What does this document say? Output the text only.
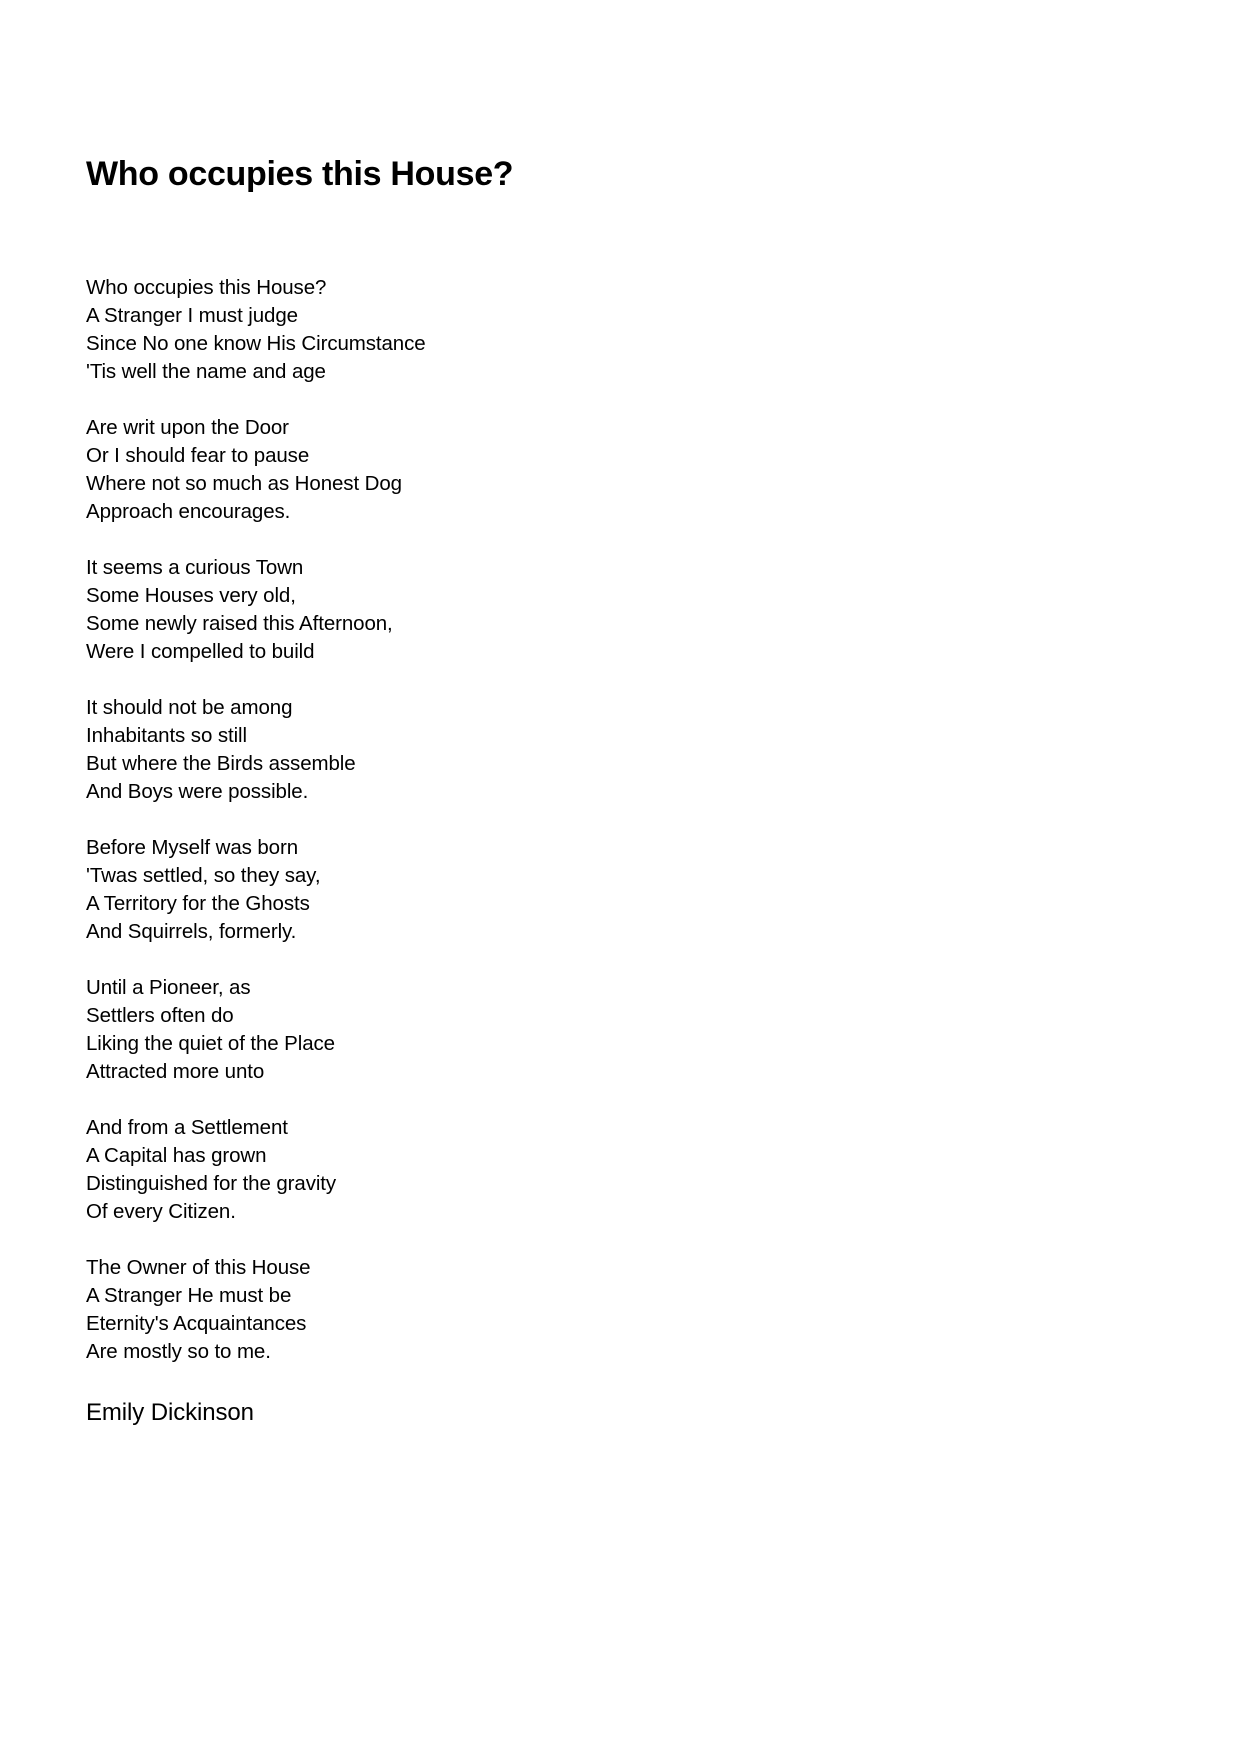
Who occupies this House?
Who occupies this House?
A Stranger I must judge
Since No one know His Circumstance
'Tis well the name and age
Are writ upon the Door
Or I should fear to pause
Where not so much as Honest Dog
Approach encourages.
It seems a curious Town
Some Houses very old,
Some newly raised this Afternoon,
Were I compelled to build
It should not be among
Inhabitants so still
But where the Birds assemble
And Boys were possible.
Before Myself was born
'Twas settled, so they say,
A Territory for the Ghosts
And Squirrels, formerly.
Until a Pioneer, as
Settlers often do
Liking the quiet of the Place
Attracted more unto
And from a Settlement
A Capital has grown
Distinguished for the gravity
Of every Citizen.
The Owner of this House
A Stranger He must be
Eternity's Acquaintances
Are mostly so to me.

Emily Dickinson
